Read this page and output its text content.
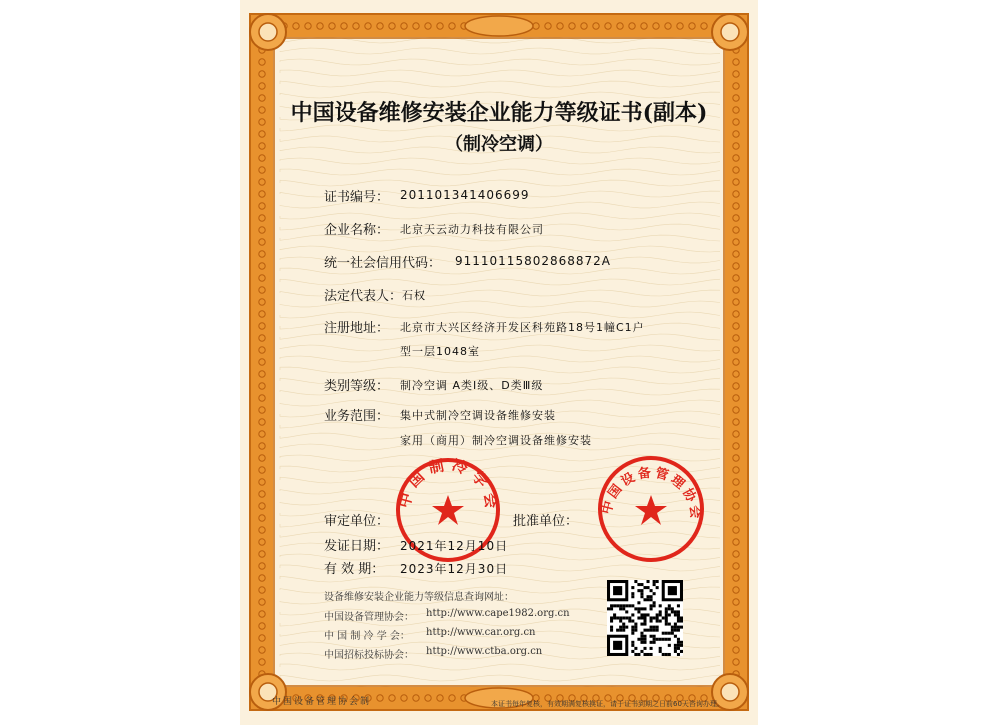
中国设备维修安装企业能力等级证书(副本)
（制冷空调）
证书编号： 201101341406699
企业名称： 北京天云动力科技有限公司
统一社会信用代码： 91110115802868872A
法定代表人： 石权
注册地址： 北京市大兴区经济开发区科苑路18号1幢C1户
型一层1048室
类别等级： 制冷空调 A类Ⅰ级、D类Ⅲ级
业务范围： 集中式制冷空调设备维修安装
家用（商用）制冷空调设备维修安装
中国制冷学会	中国设备管理协会
审定单位：	批准单位：
发证日期： 2021年12月10日
有 效 期： 2023年12月30日
设备维修安装企业能力等级信息查询网址：
中国设备管理协会： http://www.cape1982.org.cn
中 国 制 冷 学 会： http://www.car.org.cn
中国招标投标协会： http://www.ctba.org.cn
中国设备管理协会制	本证书每年复核，有效期满复核换证，请于证书到期之日前60天咨询办理。
